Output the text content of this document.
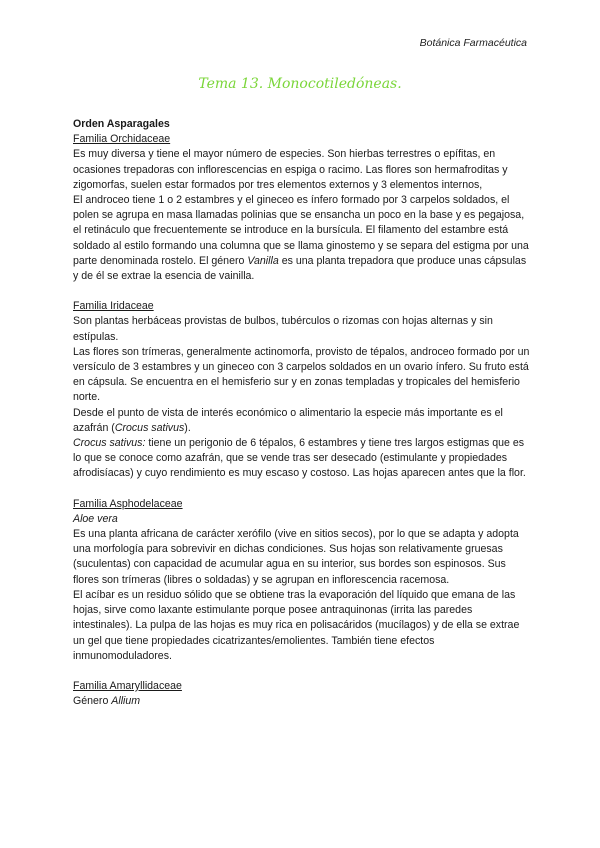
Botánica Farmacéutica
Tema 13. Monocotiledóneas.

Orden Asparagales

Familia Orchidaceae

Es muy diversa y tiene el mayor número de especies. Son hierbas terrestres o epífitas, en ocasiones trepadoras con inflorescencias en espiga o racimo. Las flores son hermafroditas y zigomorfas, suelen estar formados por tres elementos externos y 3 elementos internos,

El androceo tiene 1 o 2 estambres y el gineceo es ínfero formado por 3 carpelos soldados, el polen se agrupa en masa llamadas polinias que se ensancha un poco en la base y es pegajosa, el retináculo que frecuentemente se introduce en la bursícula. El filamento del estambre está soldado al estilo formando una columna que se llama ginostemo y se separa del estigma por una parte denominada rostelo. El género Vanilla es una planta trepadora que produce unas cápsulas y de él se extrae la esencia de vainilla.

Familia Iridaceae

Son plantas herbáceas provistas de bulbos, tubérculos o rizomas con hojas alternas y sin estípulas.

Las flores son trímeras, generalmente actinomorfa, provisto de tépalos, androceo formado por un versículo de 3 estambres y un gineceo con 3 carpelos soldados en un ovario ínfero. Su fruto está en cápsula. Se encuentra en el hemisferio sur y en zonas templadas y tropicales del hemisferio norte.

Desde el punto de vista de interés económico o alimentario la especie más importante es el azafrán (Crocus sativus).

Crocus sativus: tiene un perigonio de 6 tépalos, 6 estambres y tiene tres largos estigmas que es lo que se conoce como azafrán, que se vende tras ser desecado (estimulante y propiedades afrodisíacas) y cuyo rendimiento es muy escaso y costoso. Las hojas aparecen antes que la flor.

Familia Asphodelaceae

Aloe vera

Es una planta africana de carácter xerófilo (vive en sitios secos), por lo que se adapta y adopta una morfología para sobrevivir en dichas condiciones. Sus hojas son relativamente gruesas (suculentas) con capacidad de acumular agua en su interior, sus bordes son espinosos. Sus flores son trímeras (libres o soldadas) y se agrupan en inflorescencia racemosa.

El acíbar es un residuo sólido que se obtiene tras la evaporación del líquido que emana de las hojas, sirve como laxante estimulante porque posee antraquinonas (irrita las paredes intestinales). La pulpa de las hojas es muy rica en polisacáridos (mucílagos) y de ella se extrae un gel que tiene propiedades cicatrizantes/emolientes. También tiene efectos inmunomoduladores.

Familia Amaryllidaceae

Género Allium
